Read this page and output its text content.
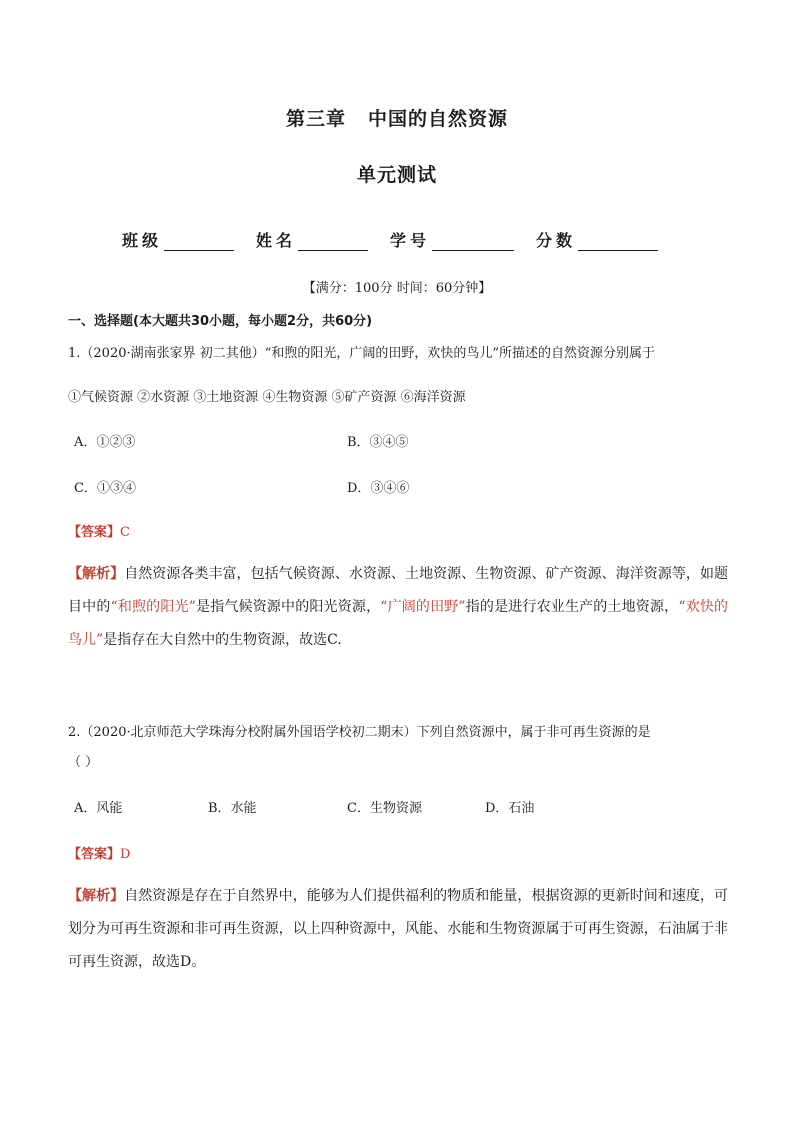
第三章 中国的自然资源
单元测试
班级	姓名	学号	分数
【满分：100分 时间：60分钟】
一、选择题(本大题共30小题，每小题2分，共60分)
1.（2020·湖南张家界 初二其他）“和煦的阳光，广阔的田野，欢快的鸟儿”所描述的自然资源分别属于
①气候资源 ②水资源 ③土地资源 ④生物资源 ⑤矿产资源 ⑥海洋资源
A．①②③	B．③④⑤
C．①③④	D．③④⑥
【答案】C
【解析】自然资源各类丰富，包括气候资源、水资源、土地资源、生物资源、矿产资源、海洋资源等，如题目中的“和煦的阳光”是指气候资源中的阳光资源，“广阔的田野”指的是进行农业生产的土地资源，“欢快的鸟儿”是指存在大自然中的生物资源，故选C.
2.（2020·北京师范大学珠海分校附属外国语学校初二期末）下列自然资源中，属于非可再生资源的是
（ ）
A．风能	B．水能	C．生物资源	D．石油
【答案】D
【解析】自然资源是存在于自然界中，能够为人们提供福利的物质和能量，根据资源的更新时间和速度，可划分为可再生资源和非可再生资源，以上四种资源中，风能、水能和生物资源属于可再生资源，石油属于非可再生资源，故选D。
